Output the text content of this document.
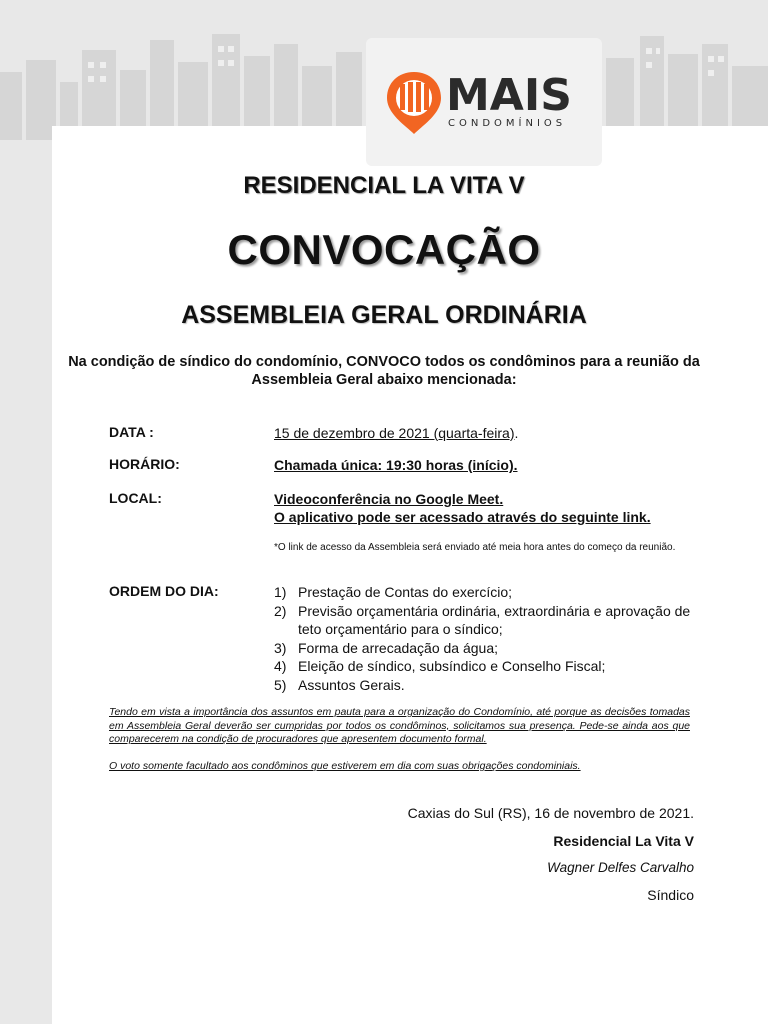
MAIS
CONDOMÍNIOS
RESIDENCIAL LA VITA V
CONVOCAÇÃO
ASSEMBLEIA GERAL ORDINÁRIA
Na condição de síndico do condomínio, CONVOCO todos os condôminos para a reunião da Assembleia Geral abaixo mencionada:
DATA :	15 de dezembro de 2021 (quarta-feira).
HORÁRIO:	Chamada única: 19:30 horas (início).
LOCAL:	Videoconferência no Google Meet.
O aplicativo pode ser acessado através do seguinte link.
*O link de acesso da Assembleia será enviado até meia hora antes do começo da reunião.
ORDEM DO DIA:	1) Prestação de Contas do exercício;
2) Previsão orçamentária ordinária, extraordinária e aprovação de teto orçamentário para o síndico;
3) Forma de arrecadação da água;
4) Eleição de síndico, subsíndico e Conselho Fiscal;
5) Assuntos Gerais.
Tendo em vista a importância dos assuntos em pauta para a organização do Condomínio, até porque as decisões tomadas em Assembleia Geral deverão ser cumpridas por todos os condôminos, solicitamos sua presença. Pede-se ainda aos que comparecerem na condição de procuradores que apresentem documento formal.
O voto somente facultado aos condôminos que estiverem em dia com suas obrigações condominiais.
Caxias do Sul (RS), 16 de novembro de 2021.
Residencial La Vita V
Wagner Delfes Carvalho
Síndico
